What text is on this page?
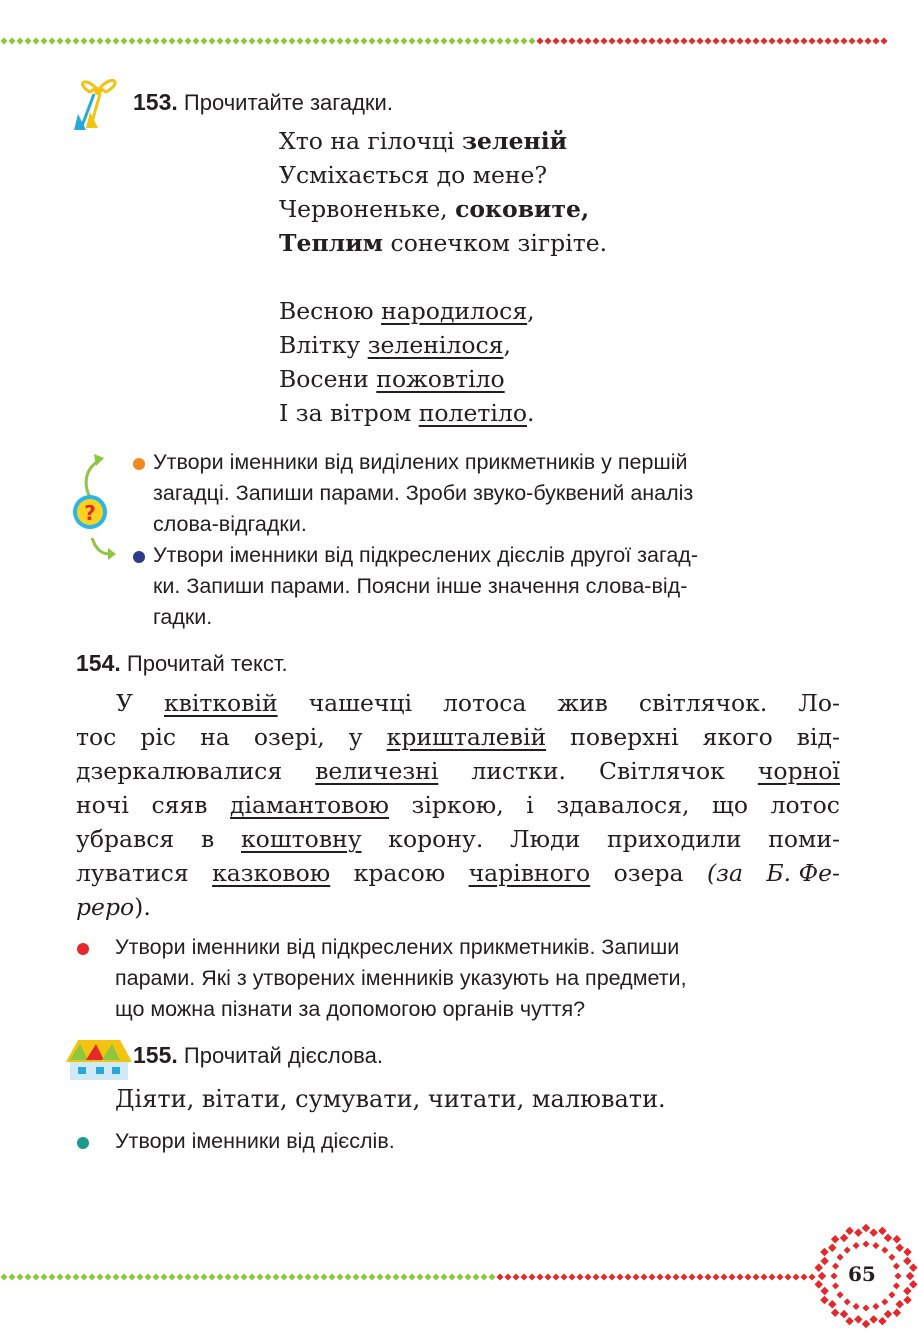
153. Прочитайте загадки.
Хто на гілочці зеленій
Усміхається до мене?
Червоненьке, соковите,
Теплим сонечком зігріте.
Весною народилося,
Влітку зеленілося,
Восени пожовтіло
І за вітром полетіло.
?
Утвори іменники від виділених прикметників у першій
загадці. Запиши парами. Зроби звуко-буквений аналіз
слова-відгадки.
Утвори іменники від підкреслених дієслів другої загад-
ки. Запиши парами. Поясни інше значення слова-від-
гадки.
154. Прочитай текст.
У квітковій чашечці лотоса жив світлячок. Ло-
тос ріс на озері, у кришталевій поверхні якого від-
дзеркалювалися величезні листки. Світлячок чорної
ночі сяяв діамантовою зіркою, і здавалося, що лотос
убрався в коштовну корону. Люди приходили поми-
луватися казковою красою чарівного озера (за Б. Фе-
реро).
Утвори іменники від підкреслених прикметників. Запиши
парами. Які з утворених іменників указують на предмети,
що можна пізнати за допомогою органів чуття?
155. Прочитай дієслова.
Діяти, вітати, сумувати, читати, малювати.
Утвори іменники від дієслів.
65
